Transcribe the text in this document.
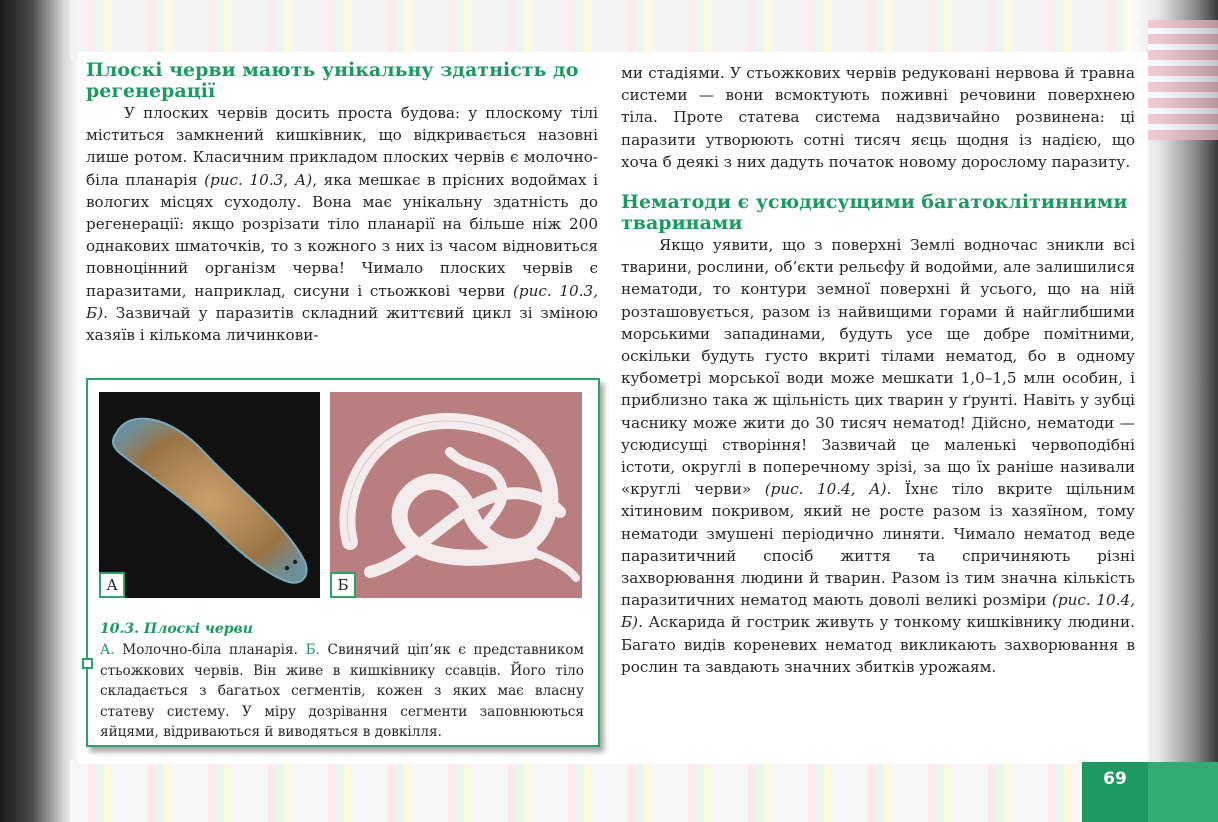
Плоскі черви мають унікальну здатність до регенерації

У плоских червів досить проста будова: у плоскому тілі міститься замкнений кишківник, що відкривається назовні лише ротом. Класичним прикладом плоских червів є молочно-біла планарія (рис. 10.3, А), яка мешкає в прісних водоймах і вологих місцях суходолу. Вона має унікальну здатність до регенерації: якщо розрізати тіло планарії на більше ніж 200 однакових шматочків, то з кожного з них із часом відновиться повноцінний організм черва! Чимало плоских червів є паразитами, наприклад, сисуни і стьожкові черви (рис. 10.3, Б). Зазвичай у паразитів складний життєвий цикл зі зміною хазяїв і кількома личинкови-

А	Б
10.3. Плоскі черви

А. Молочно-біла планарія. Б. Свинячий ціп’як є представником стьожкових червів. Він живе в кишківнику ссавців. Його тіло складається з багатьох сегментів, кожен з яких має власну статеву систему. У міру дозрівання сегменти заповнюються яйцями, відриваються й виводяться в довкілля.

ми стадіями. У стьожкових червів редуковані нервова й травна системи — вони всмоктують поживні речовини поверхнею тіла. Проте статева система надзвичайно розвинена: ці паразити утворюють сотні тисяч яєць щодня із надією, що хоча б деякі з них дадуть початок новому дорослому паразиту.

Нематоди є усюдисущими багатоклітинними тваринами

Якщо уявити, що з поверхні Землі водночас зникли всі тварини, рослини, об’єкти рельєфу й водойми, але залишилися нематоди, то контури земної поверхні й усього, що на ній розташовується, разом із найвищими горами й найглибшими морськими западинами, будуть усе ще добре помітними, оскільки будуть густо вкриті тілами нематод, бо в одному кубометрі морської води може мешкати 1,0–1,5 млн особин, і приблизно така ж щільність цих тварин у ґрунті. Навіть у зубці часнику може жити до 30 тисяч нематод! Дійсно, нематоди — усюдисущі створіння! Зазвичай це маленькі червоподібні істоти, округлі в поперечному зрізі, за що їх раніше називали «круглі черви» (рис. 10.4, А). Їхнє тіло вкрите щільним хітиновим покривом, який не росте разом із хазяїном, тому нематоди змушені періодично линяти. Чимало нематод веде паразитичний спосіб життя та спричиняють різні захворювання людини й тварин. Разом із тим значна кількість паразитичних нематод мають доволі великі розміри (рис. 10.4, Б). Аскарида й гострик живуть у тонкому кишківнику людини. Багато видів кореневих нематод викликають захворювання в рослин та завдають значних збитків урожаям.

69
